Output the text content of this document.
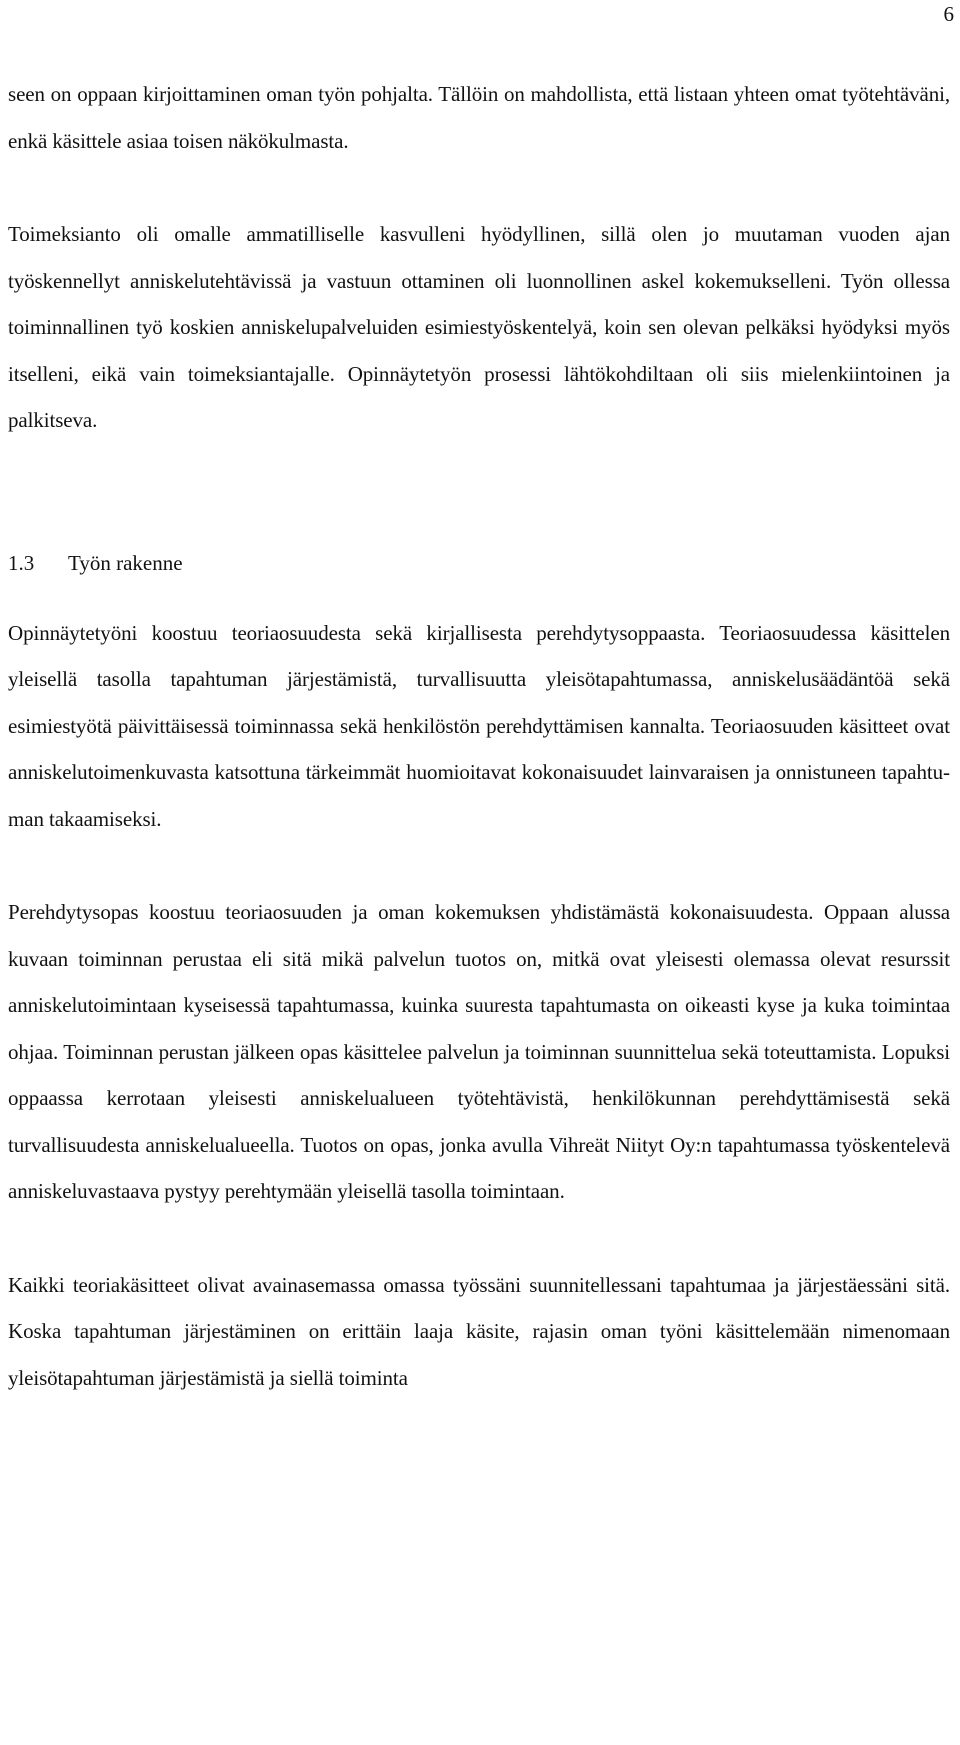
6

seen on oppaan kirjoittaminen oman työn pohjalta. Tällöin on mahdollista, että listaan yhteen omat työtehtäväni, enkä käsittele asiaa toisen näkökulmasta.

Toimeksianto oli omalle ammatilliselle kasvulleni hyödyllinen, sillä olen jo muutaman vuoden ajan työskennellyt anniskelutehtävissä ja vastuun ottaminen oli luonnollinen askel kokemukselleni. Työn ollessa toiminnallinen työ koskien anniskelupalveluiden esimiestyöskentelyä, koin sen olevan pelkäksi hyödyksi myös itselleni, eikä vain toimeksiantajalle. Opinnäytetyön prosessi lähtökohdiltaan oli siis mielenkiintoinen ja palkitseva.

1.3 Työn rakenne

Opinnäytetyöni koostuu teoriaosuudesta sekä kirjallisesta perehdytysoppaasta. Teoriaosuudessa käsittelen yleisellä tasolla tapahtuman järjestämistä, turvallisuutta yleisötapahtumassa, anniskelusäädäntöä sekä esimiestyötä päivittäisessä toiminnassa sekä henkilöstön perehdyttämisen kannalta. Teoriaosuuden käsitteet ovat anniskelutoimenkuvasta katsottuna tärkeimmät huomioitavat kokonaisuudet lainvaraisen ja onnistuneen tapahtuman takaamiseksi.

Perehdytysopas koostuu teoriaosuuden ja oman kokemuksen yhdistämästä kokonaisuudesta. Oppaan alussa kuvaan toiminnan perustaa eli sitä mikä palvelun tuotos on, mitkä ovat yleisesti olemassa olevat resurssit anniskelutoimintaan kyseisessä tapahtumassa, kuinka suuresta tapahtumasta on oikeasti kyse ja kuka toimintaa ohjaa. Toiminnan perustan jälkeen opas käsittelee palvelun ja toiminnan suunnittelua sekä toteuttamista. Lopuksi oppaassa kerrotaan yleisesti anniskelualueen työtehtävistä, henkilökunnan perehdyttämisestä sekä turvallisuudesta anniskelualueella. Tuotos on opas, jonka avulla Vihreät Niityt Oy:n tapahtumassa työskentelevä anniskeluvastaava pystyy perehtymään yleisellä tasolla toimintaan.

Kaikki teoriakäsitteet olivat avainasemassa omassa työssäni suunnitellessani tapahtumaa ja järjestäessäni sitä. Koska tapahtuman järjestäminen on erittäin laaja käsite, rajasin oman työni käsittelemään nimenomaan yleisötapahtuman järjestämistä ja siellä toiminta
